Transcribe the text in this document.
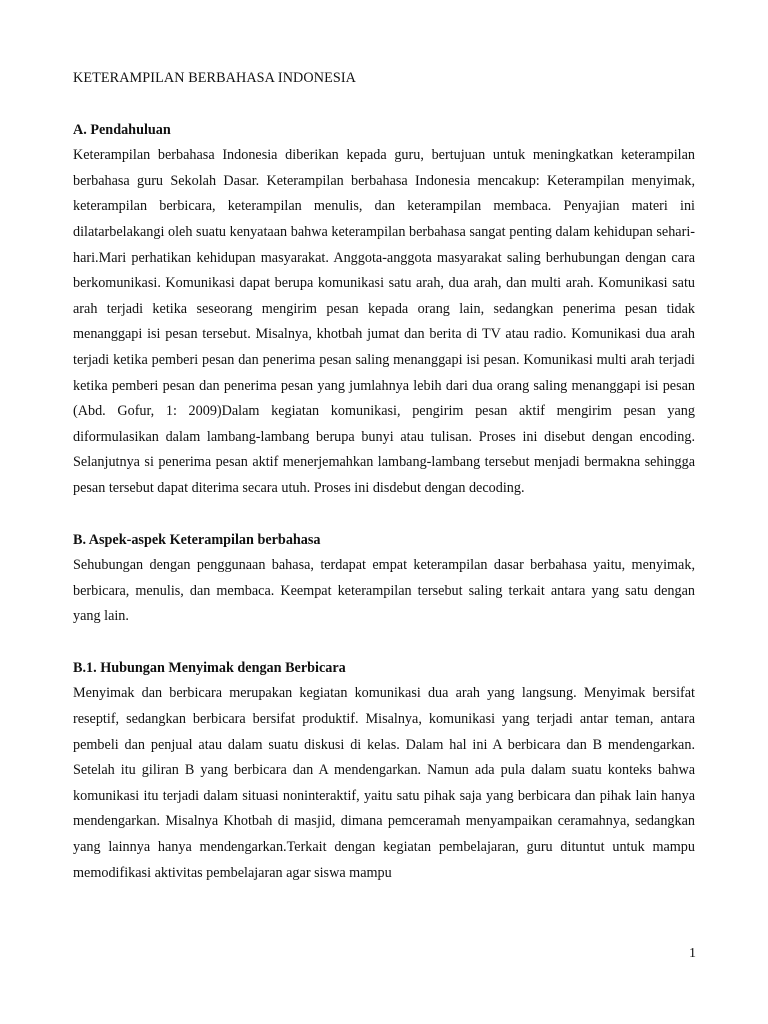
KETERAMPILAN BERBAHASA INDONESIA
A. Pendahuluan

Keterampilan berbahasa Indonesia diberikan kepada guru, bertujuan untuk meningkatkan keterampilan berbahasa guru Sekolah Dasar. Keterampilan berbahasa Indonesia mencakup: Keterampilan menyimak, keterampilan berbicara, keterampilan menulis, dan keterampilan membaca. Penyajian materi ini dilatarbelakangi oleh suatu kenyataan bahwa keterampilan berbahasa sangat penting dalam kehidupan sehari-hari.Mari perhatikan kehidupan masyarakat. Anggota-anggota masyarakat saling berhubungan dengan cara berkomunikasi. Komunikasi dapat berupa komunikasi satu arah, dua arah, dan multi arah. Komunikasi satu arah terjadi ketika seseorang mengirim pesan kepada orang lain, sedangkan penerima pesan tidak menanggapi isi pesan tersebut. Misalnya, khotbah jumat dan berita di TV atau radio. Komunikasi dua arah terjadi ketika pemberi pesan dan penerima pesan saling menanggapi isi pesan. Komunikasi multi arah terjadi ketika pemberi pesan dan penerima pesan yang jumlahnya lebih dari dua orang saling menanggapi isi pesan (Abd. Gofur, 1: 2009)Dalam kegiatan komunikasi, pengirim pesan aktif mengirim pesan yang diformulasikan dalam lambang-lambang berupa bunyi atau tulisan. Proses ini disebut dengan encoding. Selanjutnya si penerima pesan aktif menerjemahkan lambang-lambang tersebut menjadi bermakna sehingga pesan tersebut dapat diterima secara utuh. Proses ini disdebut dengan decoding.

B. Aspek-aspek Keterampilan berbahasa

Sehubungan dengan penggunaan bahasa, terdapat empat keterampilan dasar berbahasa yaitu, menyimak, berbicara, menulis, dan membaca. Keempat keterampilan tersebut saling terkait antara yang satu dengan yang lain.

B.1. Hubungan Menyimak dengan Berbicara

Menyimak dan berbicara merupakan kegiatan komunikasi dua arah yang langsung. Menyimak bersifat reseptif, sedangkan berbicara bersifat produktif. Misalnya, komunikasi yang terjadi antar teman, antara pembeli dan penjual atau dalam suatu diskusi di kelas. Dalam hal ini A berbicara dan B mendengarkan. Setelah itu giliran B yang berbicara dan A mendengarkan. Namun ada pula dalam suatu konteks bahwa komunikasi itu terjadi dalam situasi noninteraktif, yaitu satu pihak saja yang berbicara dan pihak lain hanya mendengarkan. Misalnya Khotbah di masjid, dimana pemceramah menyampaikan ceramahnya, sedangkan yang lainnya hanya mendengarkan.Terkait dengan kegiatan pembelajaran, guru dituntut untuk mampu memodifikasi aktivitas pembelajaran agar siswa mampu

1
